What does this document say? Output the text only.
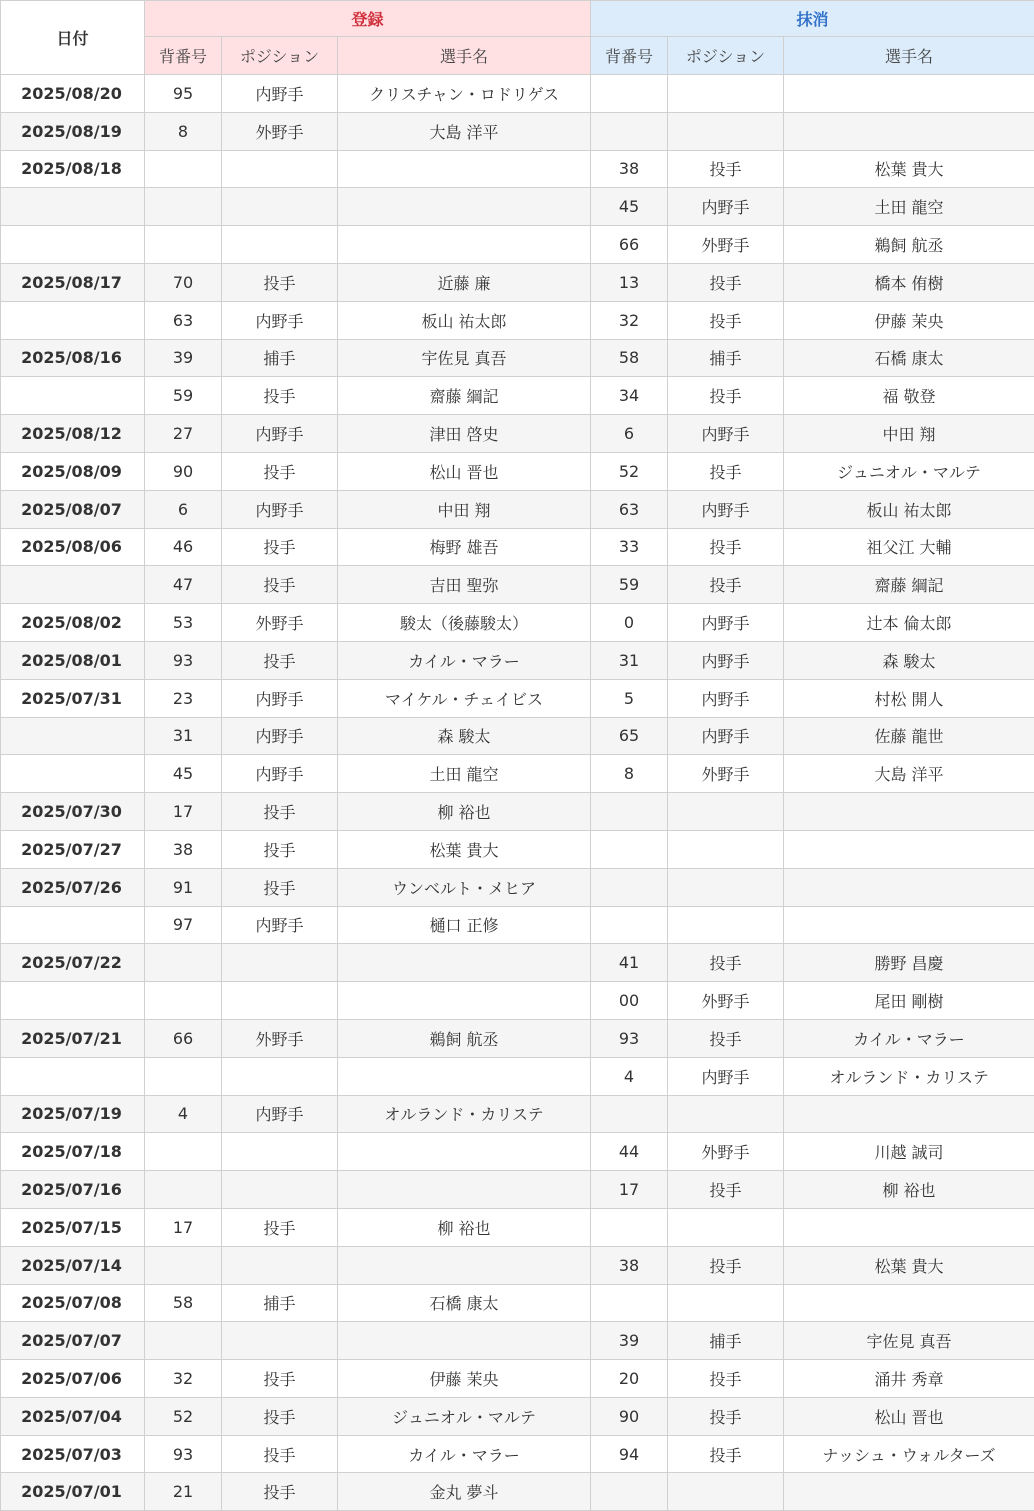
日付	登録			抹消		
	背番号	ポジション	選手名	背番号	ポジション	選手名
2025/08/20	95	内野手	クリスチャン・ロドリゲス			
2025/08/19	8	外野手	大島 洋平			
2025/08/18				38	投手	松葉 貴大
				45	内野手	土田 龍空
				66	外野手	鵜飼 航丞
2025/08/17	70	投手	近藤 廉	13	投手	橋本 侑樹
	63	内野手	板山 祐太郎	32	投手	伊藤 茉央
2025/08/16	39	捕手	宇佐見 真吾	58	捕手	石橋 康太
	59	投手	齋藤 綱記	34	投手	福 敬登
2025/08/12	27	内野手	津田 啓史	6	内野手	中田 翔
2025/08/09	90	投手	松山 晋也	52	投手	ジュニオル・マルテ
2025/08/07	6	内野手	中田 翔	63	内野手	板山 祐太郎
2025/08/06	46	投手	梅野 雄吾	33	投手	祖父江 大輔
	47	投手	吉田 聖弥	59	投手	齋藤 綱記
2025/08/02	53	外野手	駿太（後藤駿太）	0	内野手	辻本 倫太郎
2025/08/01	93	投手	カイル・マラー	31	内野手	森 駿太
2025/07/31	23	内野手	マイケル・チェイビス	5	内野手	村松 開人
	31	内野手	森 駿太	65	内野手	佐藤 龍世
	45	内野手	土田 龍空	8	外野手	大島 洋平
2025/07/30	17	投手	柳 裕也			
2025/07/27	38	投手	松葉 貴大			
2025/07/26	91	投手	ウンベルト・メヒア			
	97	内野手	樋口 正修			
2025/07/22				41	投手	勝野 昌慶
				00	外野手	尾田 剛樹
2025/07/21	66	外野手	鵜飼 航丞	93	投手	カイル・マラー
				4	内野手	オルランド・カリステ
2025/07/19	4	内野手	オルランド・カリステ			
2025/07/18				44	外野手	川越 誠司
2025/07/16				17	投手	柳 裕也
2025/07/15	17	投手	柳 裕也			
2025/07/14				38	投手	松葉 貴大
2025/07/08	58	捕手	石橋 康太			
2025/07/07				39	捕手	宇佐見 真吾
2025/07/06	32	投手	伊藤 茉央	20	投手	涌井 秀章
2025/07/04	52	投手	ジュニオル・マルテ	90	投手	松山 晋也
2025/07/03	93	投手	カイル・マラー	94	投手	ナッシュ・ウォルターズ
2025/07/01	21	投手	金丸 夢斗			
